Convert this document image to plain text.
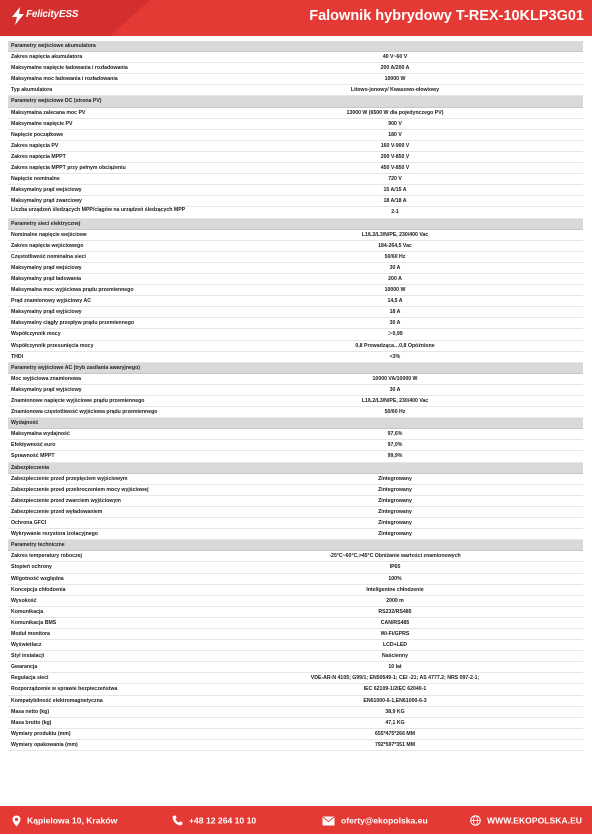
FelicityESS	Falownik hybrydowy T-REX-10KLP3G01
Parametry wejściowe akumulatora
Zakres napięcia akumulatora	40 V~60 V
Maksymalne napięcie ładowania i rozładowania	200 A/200 A
Maksymalna moc ładowania i rozładowania	10000 W
Typ akumulatora	Litowo-jonowy/ Kwasowo-ołowiowy
Parametry wejściowe DC (strona PV)
Maksymalna zalecana moc PV	13000 W (6500 W dla pojedynczego PV)
Maksymalne napięcie PV	900 V
Napięcie początkowe	180 V
Zakres napięcia PV	160 V-900 V
Zakres napięcia MPPT	200 V-850 V
Zakres napięcia MPPT przy pełnym obciążeniu	450 V-850 V
Napięcie nominalne	720 V
Maksymalny prąd wejściowy	15 A/15 A
Maksymalny prąd zwarciowy	18 A/18 A
Liczba urządzeń śledzących MPP/ciągów na urządzeń śledzących MPP	2-1
Parametry sieci elektrycznej
Nominalne napięcie wejściowe	L1/L2/L3/N/PE, 230/400 Vac
Zakres napięcia wejściowego	184-264,5 Vac
Częstotliwość nominalna sieci	50/60 Hz
Maksymalny prąd wejściowy	30 A
Maksymalny prąd ładowania	200 A
Maksymalna moc wyjściowa prądu przemiennego	10000 W
Prąd znamionowy wyjściowy AC	14,5 A
Maksymalny prąd wyjściowy	18 A
Maksymalny ciągły przepływ prądu przemiennego	30 A
Współczynnik mocy	＞0,99
Współczynnik przesunięcia mocy	0,8 Prowadząca…0,8 Opóźnione
THDI	<3%
Parametry wyjściowe AC (tryb zasilania awaryjnego)
Moc wyjściowa znamionowa	10000 VA/10000 W
Maksymalny prąd wyjściowy	30 A
Znamionowe napięcie wyjściowe prądu przemiennego	L1/L2/L3/N/PE, 230/400 Vac
Znamionowa częstotliwość wyjściowa prądu przemiennego	50/60 Hz
Wydajność
Maksymalna wydajność	97,6%
Efektywność euro	97,0%
Sprawność MPPT	99,9%
Zabezpieczenia
Zabezpieczenie przed przepięciem wyjściowym	Zintegrowany
Zabezpieczenie przed przekroczeniem mocy wyjściowej	Zintegrowany
Zabezpieczenie przed zwarciem wyjściowym	Zintegrowany
Zabezpieczenie przed wyładowaniem	Zintegrowany
Ochrona GFCI	Zintegrowany
Wykrywanie rezystora izolacyjnego	Zintegrowany
Parametry techniczne
Zakres temperatury roboczej	-25°C~60°C,>45°C Obniżanie wartości znamionowych
Stopień ochrony	IP65
Wilgotność względna	100%
Koncepcja chłodzenia	Inteligentne chłodzenie
Wysokość	2000 m
Komunikacja	RS232/RS485
Komunikacja BMS	CAN/RS485
Moduł monitora	Wi-Fi/GPRS
Wyświetlacz	LCD+LED
Styl instalacji	Naścienny
Gwarancja	10 lat
Regulacja sieci	VDE-AR-N 4105; G99/1; EN50549-1; CEI -21; AS 4777.2; NRS 097-2-1;
Rozporządzenie w sprawie bezpieczeństwa	IEC 62109-1/2IEC 62040-1
Kompatybilność elektromagnetyczna	EN61000-6-1,EN61000-6-3
Masa netto (kg)	38,9 KG
Masa brutto (kg)	47,1 KG
Wymiary produktu (mm)	655*475*266 MM
Wymiary opakowania (mm)	792*597*351 MM
Kąpielowa 10, Kraków	+48 12 264 10 10	oferty@ekopolska.eu	WWW.EKOPOLSKA.EU
